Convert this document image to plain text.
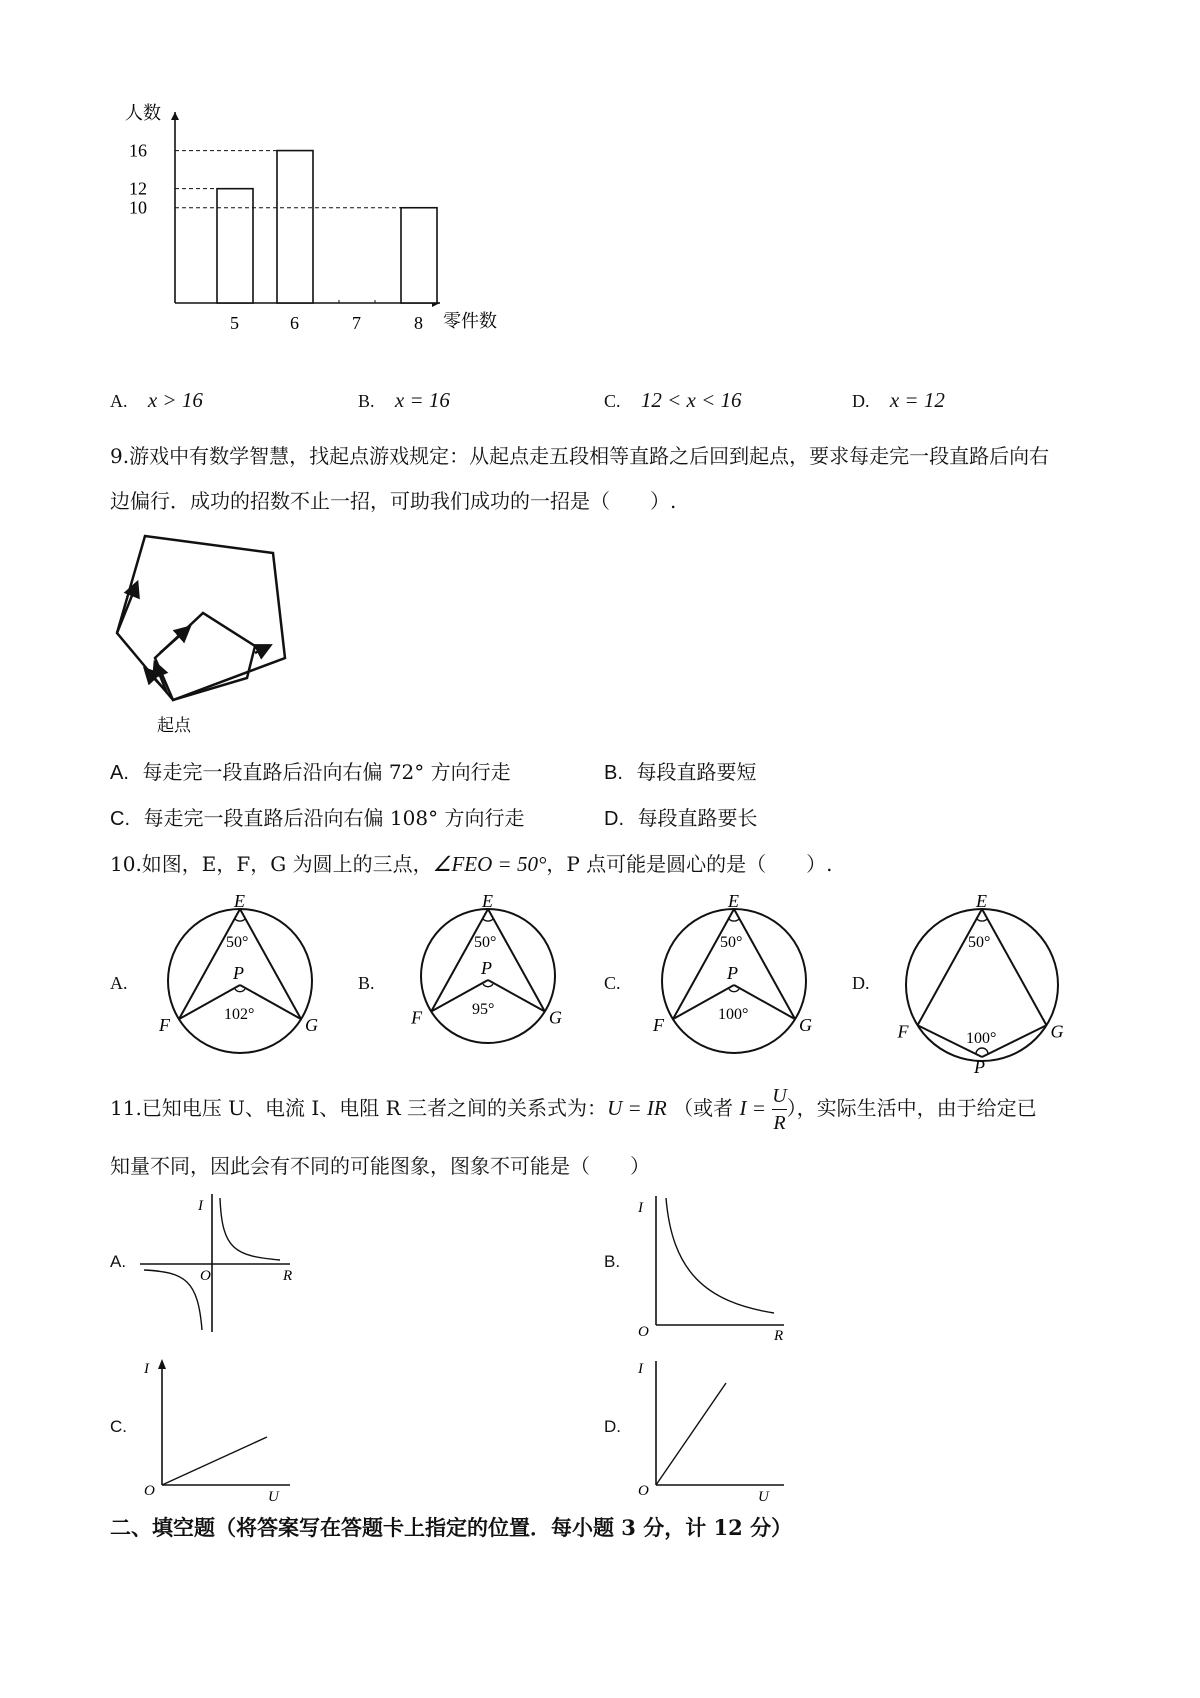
人数
零件数
5	6	7	8
16
12
10
A. x > 16	B. x = 16	C. 12 < x < 16	D. x = 12
9.游戏中有数学智慧，找起点游戏规定：从起点走五段相等直路之后回到起点，要求每走完一段直路后向右
边偏行．成功的招数不止一招，可助我们成功的一招是（　　）.
起点
A. 每走完一段直路后沿向右偏 72° 方向行走	B. 每段直路要短
C. 每走完一段直路后沿向右偏 108° 方向行走	D. 每段直路要长
10.如图，E，F，G 为圆上的三点，∠FEO = 50°，P 点可能是圆心的是（　　）.
A.
E
F	G
P
50°
102°
B.
E
F	G
P
50°
95°
C.
E
F	G
P
50°
100°
D.
E
F	G
P
50°
100°
11.已知电压 U、电流 I、电阻 R 三者之间的关系式为：U = IR （或者 $I = \frac{U}{R}$ ），实际生活中，由于给定已
知量不同，因此会有不同的可能图象，图象不可能是（　　）
A.
I
R
O
B.
I
R
O
C.
I
U
O
D.
I
U
O
二、填空题（将答案写在答题卡上指定的位置．每小题 3 分，计 12 分）
